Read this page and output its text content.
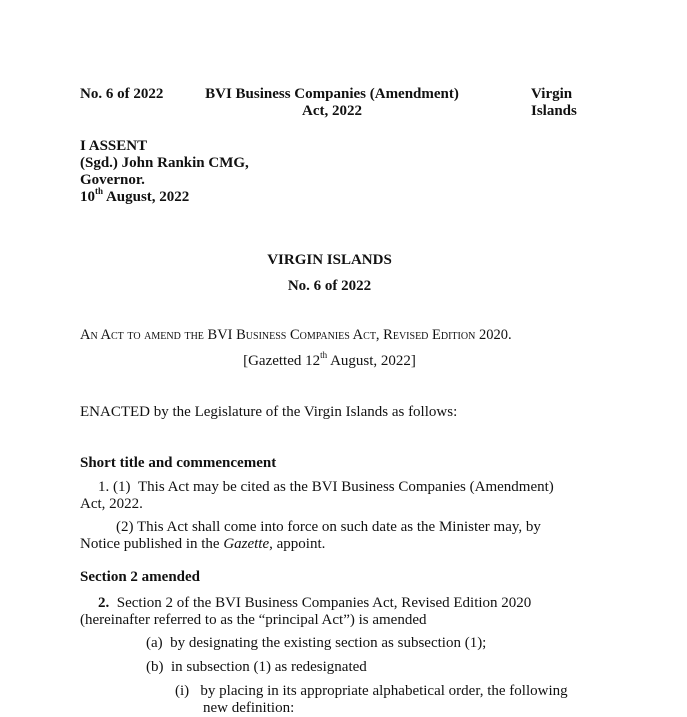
No. 6 of 2022	BVI Business Companies (Amendment)
Act, 2022
Virgin
Islands
I ASSENT
(Sgd.) John Rankin CMG,
Governor.
10th August, 2022
VIRGIN ISLANDS
No. 6 of 2022
An Act to amend the BVI Business Companies Act, Revised Edition 2020.
[Gazetted 12th August, 2022]
ENACTED by the Legislature of the Virgin Islands as follows:
Short title and commencement
1. (1) This Act may be cited as the BVI Business Companies (Amendment)
Act, 2022.
(2) This Act shall come into force on such date as the Minister may, by
Notice published in the Gazette, appoint.
Section 2 amended
2. Section 2 of the BVI Business Companies Act, Revised Edition 2020
(hereinafter referred to as the “principal Act”) is amended
(a) by designating the existing section as subsection (1);
(b) in subsection (1) as redesignated
(i) by placing in its appropriate alphabetical order, the following
new definition:
